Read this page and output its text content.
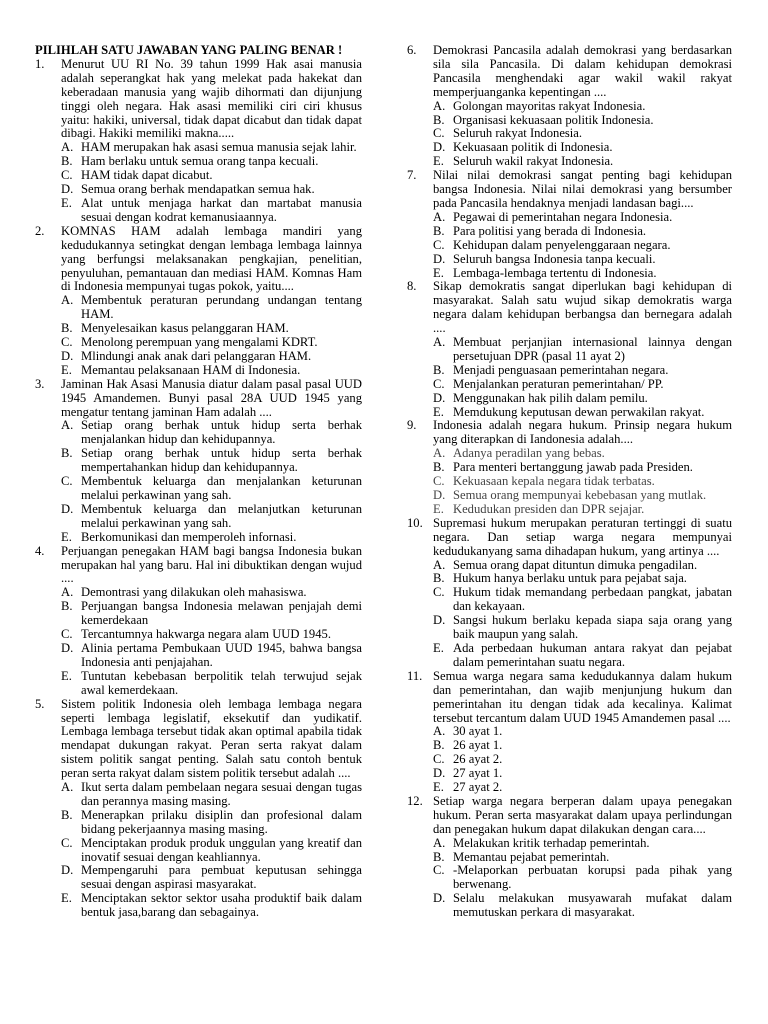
PILIHLAH SATU JAWABAN YANG PALING BENAR !
1. Menurut UU RI No. 39 tahun 1999 Hak asai manusia adalah seperangkat hak yang melekat pada hakekat dan keberadaan manusia yang wajib dihormati dan dijunjung tinggi oleh negara. Hak asasi memiliki ciri ciri khusus yaitu: hakiki, universal, tidak dapat dicabut dan tidak dapat dibagi. Hakiki memiliki makna.....
A. HAM merupakan hak asasi semua manusia sejak lahir.
B. Ham berlaku untuk semua orang tanpa kecuali.
C. HAM tidak dapat dicabut.
D. Semua orang berhak mendapatkan semua hak.
E. Alat untuk menjaga harkat dan martabat manusia sesuai dengan kodrat kemanusiaannya.
2. KOMNAS HAM adalah lembaga mandiri yang kedudukannya setingkat dengan lembaga lembaga lainnya yang berfungsi melaksanakan pengkajian, penelitian, penyuluhan, pemantauan dan mediasi HAM. Komnas Ham di Indonesia mempunyai tugas pokok, yaitu....
A. Membentuk peraturan perundang undangan tentang HAM.
B. Menyelesaikan kasus pelanggaran HAM.
C. Menolong perempuan yang mengalami KDRT.
D. Mlindungi anak anak dari pelanggaran HAM.
E. Memantau pelaksanaan HAM di Indonesia.
3. Jaminan Hak Asasi Manusia diatur dalam pasal pasal UUD 1945 Amandemen. Bunyi pasal 28A UUD 1945 yang mengatur tentang jaminan Ham adalah ....
A. Setiap orang berhak untuk hidup serta berhak menjalankan hidup dan kehidupannya.
B. Setiap orang berhak untuk hidup serta berhak mempertahankan hidup dan kehidupannya.
C. Membentuk keluarga dan menjalankan keturunan melalui perkawinan yang sah.
D. Membentuk keluarga dan melanjutkan keturunan melalui perkawinan yang sah.
E. Berkomunikasi dan memperoleh infornasi.
4. Perjuangan penegakan HAM bagi bangsa Indonesia bukan merupakan hal yang baru. Hal ini dibuktikan dengan wujud ....
A. Demontrasi yang dilakukan oleh mahasiswa.
B. Perjuangan bangsa Indonesia melawan penjajah demi kemerdekaan
C. Tercantumnya hakwarga negara alam UUD 1945.
D. Alinia pertama Pembukaan UUD 1945, bahwa bangsa Indonesia anti penjajahan.
E. Tuntutan kebebasan berpolitik telah terwujud sejak awal kemerdekaan.
5. Sistem politik Indonesia oleh lembaga lembaga negara seperti lembaga legislatif, eksekutif dan yudikatif. Lembaga lembaga tersebut tidak akan optimal apabila tidak mendapat dukungan rakyat. Peran serta rakyat dalam sistem politik sangat penting. Salah satu contoh bentuk peran serta rakyat dalam sistem politik tersebut adalah ....
A. Ikut serta dalam pembelaan negara sesuai dengan tugas dan perannya masing masing.
B. Menerapkan prilaku disiplin dan profesional dalam bidang pekerjaannya masing masing.
C. Menciptakan produk produk unggulan yang kreatif dan inovatif sesuai dengan keahliannya.
D. Mempengaruhi para pembuat keputusan sehingga sesuai dengan aspirasi masyarakat.
E. Menciptakan sektor sektor usaha produktif baik dalam bentuk jasa,barang dan sebagainya.
6. Demokrasi Pancasila adalah demokrasi yang berdasarkan sila sila Pancasila. Di dalam kehidupan demokrasi Pancasila menghendaki agar wakil wakil rakyat memperjuanganka kepentingan ....
A. Golongan mayoritas rakyat Indonesia.
B. Organisasi kekuasaan politik Indonesia.
C. Seluruh rakyat Indonesia.
D. Kekuasaan politik di Indonesia.
E. Seluruh wakil rakyat Indonesia.
7. Nilai nilai demokrasi sangat penting bagi kehidupan bangsa Indonesia. Nilai nilai demokrasi yang bersumber pada Pancasila hendaknya menjadi landasan bagi....
A. Pegawai di pemerintahan negara Indonesia.
B. Para politisi yang berada di Indonesia.
C. Kehidupan dalam penyelenggaraan negara.
D. Seluruh bangsa Indonesia tanpa kecuali.
E. Lembaga-lembaga tertentu di Indonesia.
8. Sikap demokratis sangat diperlukan bagi kehidupan di masyarakat. Salah satu wujud sikap demokratis warga negara dalam kehidupan berbangsa dan bernegara adalah ....
A. Membuat perjanjian internasional lainnya dengan persetujuan DPR (pasal 11 ayat 2)
B. Menjadi penguasaan pemerintahan negara.
C. Menjalankan peraturan pemerintahan/ PP.
D. Menggunakan hak pilih dalam pemilu.
E. Memdukung keputusan dewan perwakilan rakyat.
9. Indonesia adalah negara hukum. Prinsip negara hukum yang diterapkan di Iandonesia adalah....
A. Adanya peradilan yang bebas.
B. Para menteri bertanggung jawab pada Presiden.
C. Kekuasaan kepala negara tidak terbatas.
D. Semua orang mempunyai kebebasan yang mutlak.
E. Kedudukan presiden dan DPR sejajar.
10. Supremasi hukum merupakan peraturan tertinggi di suatu negara. Dan setiap warga negara mempunyai kedudukanyang sama dihadapan hukum, yang artinya ....
A. Semua orang dapat dituntun dimuka pengadilan.
B. Hukum hanya berlaku untuk para pejabat saja.
C. Hukum tidak memandang perbedaan pangkat, jabatan dan kekayaan.
D. Sangsi hukum berlaku kepada siapa saja orang yang baik maupun yang salah.
E. Ada perbedaan hukuman antara rakyat dan pejabat dalam pemerintahan suatu negara.
11. Semua warga negara sama kedudukannya dalam hukum dan pemerintahan, dan wajib menjunjung hukum dan pemerintahan itu dengan tidak ada kecalinya. Kalimat tersebut tercantum dalam UUD 1945 Amandemen pasal ....
A. 30 ayat 1.
B. 26 ayat 1.
C. 26 ayat 2.
D. 27 ayat 1.
E. 27 ayat 2.
12. Setiap warga negara berperan dalam upaya penegakan hukum. Peran serta masyarakat dalam upaya perlindungan dan penegakan hukum dapat dilakukan dengan cara....
A. Melakukan kritik terhadap pemerintah.
B. Memantau pejabat pemerintah.
C. -Melaporkan perbuatan korupsi pada pihak yang berwenang.
D. Selalu melakukan musyawarah mufakat dalam memutuskan perkara di masyarakat.
